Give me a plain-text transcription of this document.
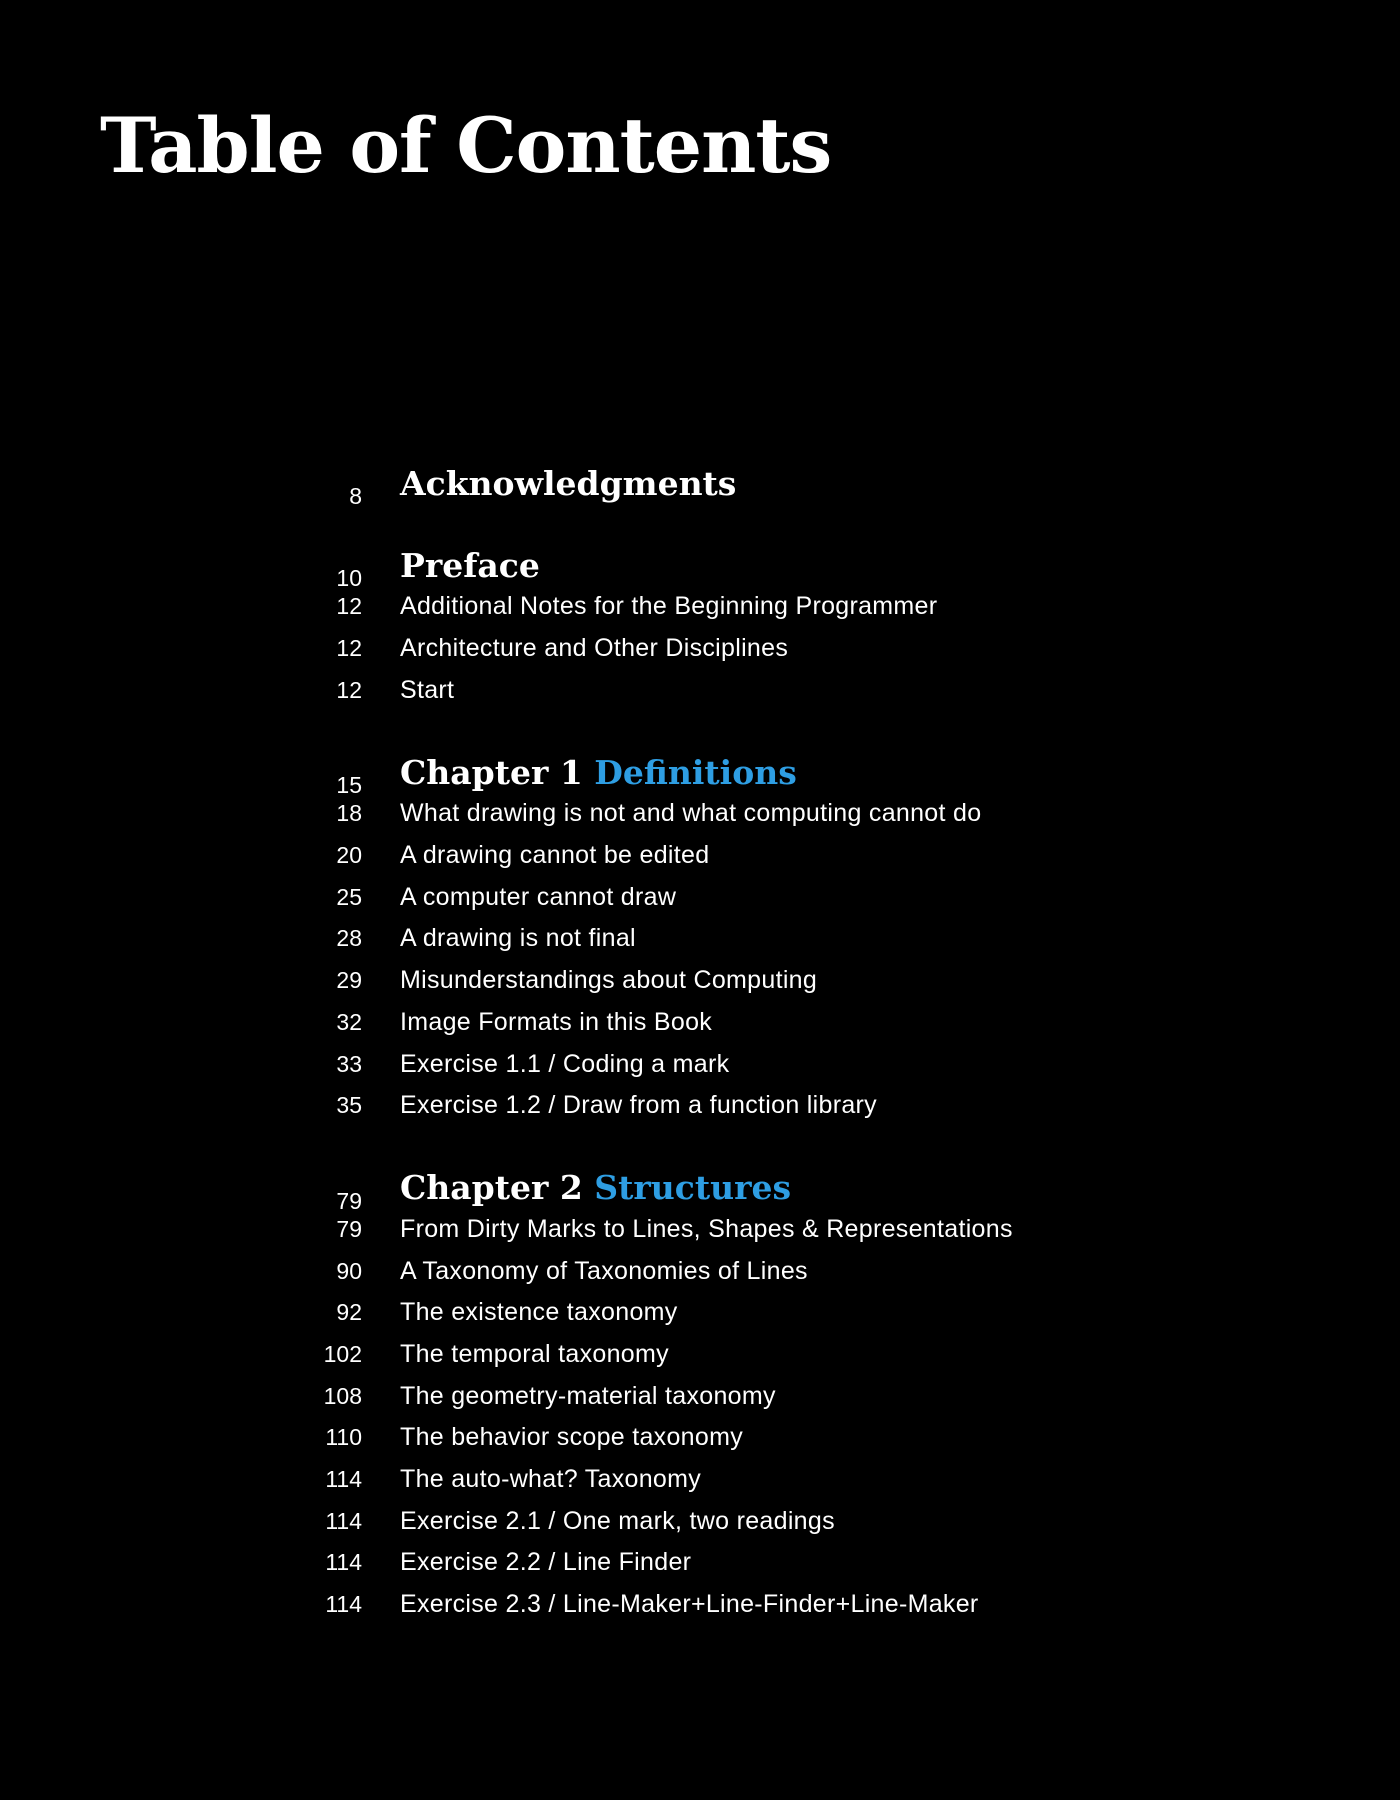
Table of Contents
8 Acknowledgments
10 Preface
12 Additional Notes for the Beginning Programmer
12 Architecture and Other Disciplines
12 Start
15 Chapter 1 Definitions
18 What drawing is not and what computing cannot do
20 A drawing cannot be edited
25 A computer cannot draw
28 A drawing is not final
29 Misunderstandings about Computing
32 Image Formats in this Book
33 Exercise 1.1 / Coding a mark
35 Exercise 1.2 / Draw from a function library
79 Chapter 2 Structures
79 From Dirty Marks to Lines, Shapes & Representations
90 A Taxonomy of Taxonomies of Lines
92 The existence taxonomy
102 The temporal taxonomy
108 The geometry-material taxonomy
110 The behavior scope taxonomy
114 The auto-what? Taxonomy
114 Exercise 2.1 / One mark, two readings
114 Exercise 2.2 / Line Finder
114 Exercise 2.3 / Line-Maker+Line-Finder+Line-Maker
